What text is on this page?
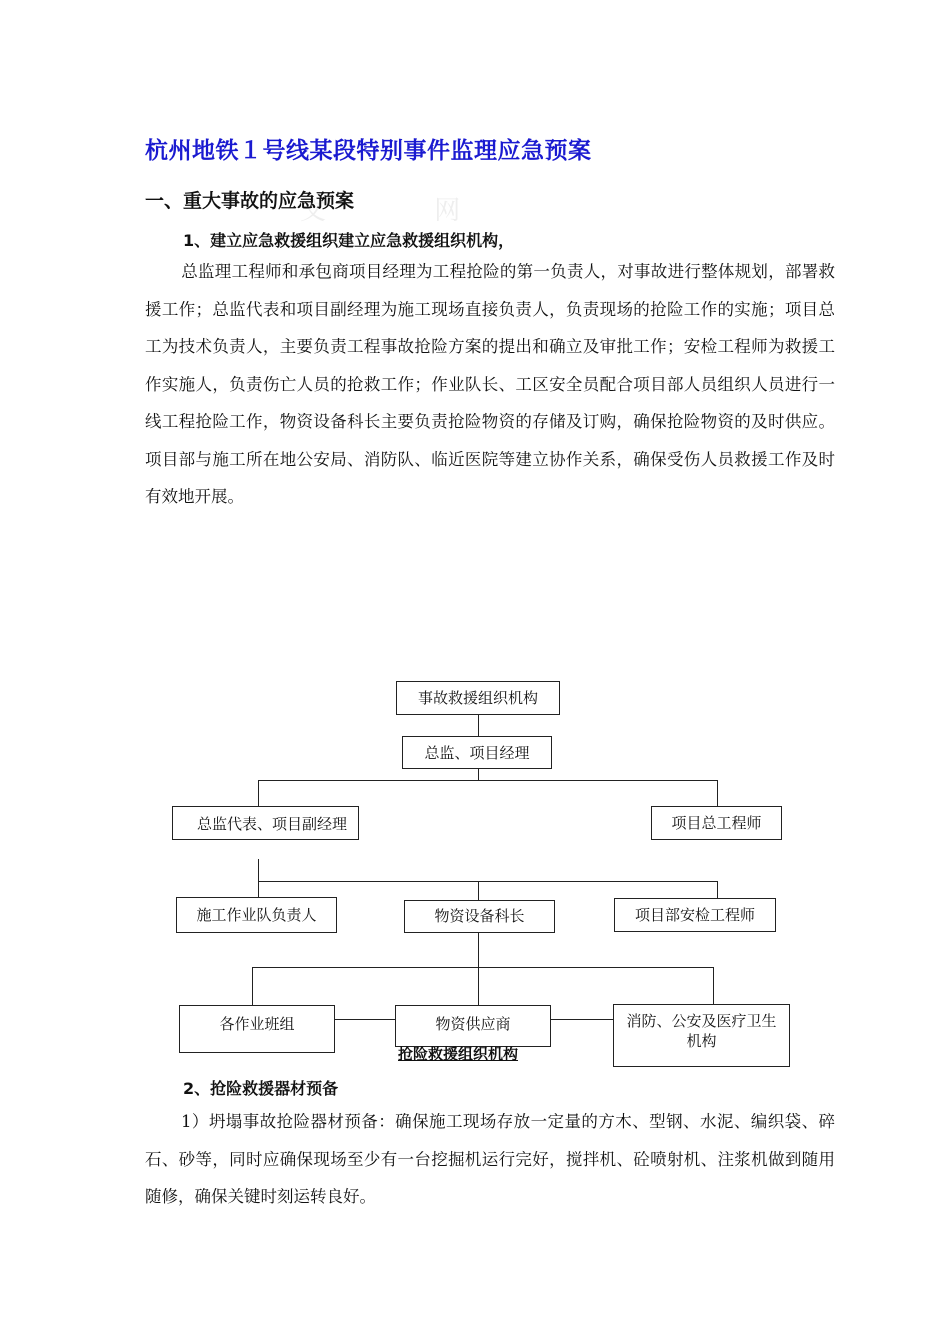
文 网
杭州地铁１号线某段特别事件监理应急预案
一、重大事故的应急预案
1、建立应急救援组织建立应急救援组织机构，
总监理工程师和承包商项目经理为工程抢险的第一负责人，对事故进行整体规划，部署救援工作；总监代表和项目副经理为施工现场直接负责人，负责现场的抢险工作的实施；项目总工为技术负责人，主要负责工程事故抢险方案的提出和确立及审批工作；安检工程师为救援工作实施人，负责伤亡人员的抢救工作；作业队长、工区安全员配合项目部人员组织人员进行一线工程抢险工作，物资设备科长主要负责抢险物资的存储及订购，确保抢险物资的及时供应。项目部与施工所在地公安局、消防队、临近医院等建立协作关系，确保受伤人员救援工作及时有效地开展。
事故救援组织机构
总监、项目经理
总监代表、项目副经理	项目总工程师
施工作业队负责人	物资设备科长	项目部安检工程师
各作业班组	物资供应商	消防、公安及医疗卫生机构
抢险救援组织机构
2、抢险救援器材预备
1）坍塌事故抢险器材预备：确保施工现场存放一定量的方木、型钢、水泥、编织袋、碎石、砂等，同时应确保现场至少有一台挖掘机运行完好，搅拌机、砼喷射机、注浆机做到随用随修，确保关键时刻运转良好。
